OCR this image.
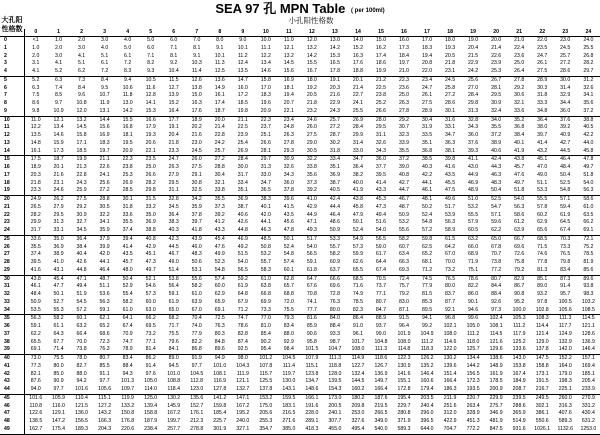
SEA 97 孔 MPN Table ( per 100ml)
小孔阳性格数
大孔阳性格数
	0	1	2	3	4	5	6	7	8	9	10	11	12	13	14	15	16	17	18	19	20	21	22	23	24
0	<1	1.0	2.0	3.0	4.0	5.0	6.0	7.0	8.0	9.0	10.0	11.0	12.0	13.0	14.0	15.0	16.0	17.0	18.0	19.0	20.0	21.0	22.0	23.0	24.0
1	1.0	2.0	3.0	4.0	5.0	6.0	7.1	8.1	9.1	10.1	11.1	12.1	13.2	14.2	15.2	16.2	17.3	18.3	19.3	20.4	21.4	22.4	23.5	24.5	25.5
2	2.0	3.0	4.1	5.1	6.1	7.1	8.1	9.1	10.1	11.2	12.2	13.2	14.2	15.3	16.3	17.4	18.4	19.4	20.5	21.5	22.6	23.6	24.7	25.7	26.8
3	3.1	4.1	5.1	6.1	7.2	8.2	9.2	10.3	11.3	12.4	13.4	14.5	15.5	16.5	17.6	18.6	19.7	20.8	21.8	22.9	23.9	25.0	26.1	27.2	28.2
4	4.1	5.2	6.2	7.2	8.3	9.3	10.4	11.4	12.5	13.5	14.6	15.6	16.7	17.8	18.8	19.9	21.0	22.0	23.1	24.2	25.3	26.4	27.5	28.6	29.7
5	5.2	6.3	7.3	8.4	9.4	10.5	11.5	12.6	13.6	14.7	15.8	16.9	18.0	19.1	20.1	21.2	22.3	23.4	24.5	25.6	26.7	27.8	28.9	30.0	31.2
6	6.3	7.4	8.4	9.5	10.6	11.6	12.7	13.8	14.9	16.0	17.0	18.1	19.2	20.3	21.4	22.5	23.6	24.7	25.8	27.0	28.1	29.2	30.3	31.4	32.6
7	7.5	8.5	9.6	10.7	11.8	12.8	13.9	15.0	16.1	17.2	18.3	19.4	20.5	21.6	22.7	23.8	25.0	26.1	27.2	28.4	29.5	30.6	31.8	32.9	34.1
8	8.6	9.7	10.8	11.9	13.0	14.1	15.2	16.3	17.4	18.5	19.6	20.7	21.8	22.9	24.1	25.2	26.3	27.5	28.6	29.8	30.9	32.1	33.3	34.4	35.6
9	9.8	10.9	12.0	13.1	14.2	15.3	16.4	17.6	18.7	19.8	20.9	22.1	23.2	24.3	25.5	26.6	27.8	28.9	30.1	31.3	32.4	33.6	34.8	36.0	37.2
10	11.0	12.1	13.2	14.4	15.5	16.6	17.7	18.9	20.0	21.1	22.3	23.4	24.6	25.7	26.9	28.0	29.2	30.4	31.6	32.8	34.0	35.2	36.4	37.6	38.8
11	12.2	13.4	14.5	15.6	16.8	17.9	19.1	20.2	21.4	22.5	23.7	24.8	26.0	27.2	28.4	29.5	30.7	31.9	33.1	34.3	35.5	36.8	38.0	39.2	40.5
12	13.5	14.6	15.8	16.9	18.1	19.3	20.4	21.6	22.8	23.9	25.1	26.3	27.5	28.7	29.9	31.1	32.3	33.5	34.7	36.0	37.2	38.4	39.7	40.9	42.2
13	14.8	15.9	17.1	18.3	19.5	20.6	21.8	23.0	24.2	25.4	26.6	27.8	29.0	30.2	31.4	32.6	33.9	35.1	36.3	37.6	38.9	40.1	41.4	42.7	44.0
14	16.1	17.3	18.5	19.7	20.9	22.1	23.3	24.5	25.7	26.9	28.1	29.3	30.5	31.8	33.0	34.3	35.5	36.8	38.1	39.3	40.6	41.9	43.2	44.5	45.8
15	17.5	18.7	19.9	21.1	22.3	23.5	24.7	26.0	27.2	28.4	29.7	30.9	32.2	33.4	34.7	36.0	37.2	38.5	39.8	41.1	42.4	43.8	45.1	46.4	47.8
16	18.9	20.1	21.3	22.6	23.8	25.0	26.3	27.5	28.8	30.0	31.3	32.6	33.8	35.1	36.4	37.7	39.0	40.3	41.6	43.0	44.3	45.7	47.0	48.4	49.7
17	20.3	21.6	22.8	24.1	25.3	26.6	27.9	29.1	30.4	31.7	33.0	34.3	35.6	36.9	38.2	39.5	40.8	42.2	43.5	44.9	46.3	47.6	49.0	50.4	51.8
18	21.8	23.1	24.3	25.6	26.9	28.2	29.5	30.8	32.1	33.4	34.7	36.0	37.3	38.7	40.0	41.4	42.7	44.1	45.5	46.9	48.3	49.7	51.1	52.5	54.0
19	23.3	24.6	25.9	27.2	28.5	29.8	31.1	32.5	33.8	35.1	36.5	37.8	39.2	40.5	41.9	43.3	44.7	46.1	47.5	48.9	50.4	51.8	53.3	54.8	56.3
20	24.9	26.2	27.5	28.8	30.1	31.5	32.8	34.2	35.5	36.9	38.3	39.6	41.0	42.4	43.8	45.3	46.7	48.1	49.6	51.0	52.5	54.0	55.5	57.1	58.6
21	26.5	27.9	29.2	30.5	31.8	33.2	34.5	35.9	37.3	38.7	40.1	41.5	42.9	44.4	45.8	47.3	48.7	50.2	51.7	53.2	54.7	56.3	57.8	59.4	61.0
22	28.2	29.5	30.9	32.2	33.6	35.0	36.4	37.8	39.2	40.6	42.0	43.5	44.9	46.4	47.9	49.4	50.9	52.4	53.9	55.5	57.1	58.6	60.2	61.9	63.5
23	29.9	31.3	32.7	34.1	35.5	36.9	38.3	39.7	41.2	42.6	44.1	45.6	47.1	48.6	50.1	51.6	53.2	54.8	56.3	57.9	59.6	61.2	62.9	64.5	66.2
24	31.7	33.1	34.5	35.9	37.4	38.8	40.3	41.8	43.3	44.8	46.3	47.8	49.3	50.9	52.4	54.0	55.6	57.2	58.9	60.5	62.2	63.9	65.6	67.4	69.1
25	33.6	35.0	36.4	37.9	39.4	40.8	42.3	43.9	45.4	46.9	48.5	50.1	51.7	53.3	54.9	56.5	58.2	59.8	61.5	63.2	65.0	66.7	68.5	70.3	72.1
26	35.5	36.9	38.4	39.9	41.4	42.9	44.5	46.0	47.6	49.2	50.8	52.4	54.0	55.7	57.3	59.0	60.7	62.5	64.2	66.0	67.8	69.6	71.5	73.3	75.2
27	37.4	38.9	40.4	42.0	43.5	45.1	46.7	48.3	49.9	51.5	53.2	54.8	56.5	58.2	59.9	61.7	63.4	65.2	67.0	68.9	70.7	72.6	74.6	76.5	78.5
28	39.5	41.0	42.6	44.1	45.7	47.3	49.0	50.6	52.3	54.0	55.7	57.4	59.1	60.9	62.6	64.4	66.3	68.1	70.0	71.9	73.8	75.8	77.8	79.8	81.9
29	41.6	43.1	44.8	46.4	48.0	49.7	51.4	53.1	54.8	56.5	58.3	60.1	61.8	63.7	65.5	67.4	69.3	71.2	73.2	75.1	77.2	79.2	81.3	83.4	85.6
30	43.8	45.4	47.1	48.7	50.4	52.1	53.8	55.6	57.4	59.2	61.0	62.8	64.7	66.6	68.5	70.5	72.4	74.5	76.5	78.6	80.7	82.9	85.1	87.3	89.6
31	46.1	47.7	49.4	51.1	52.9	54.6	56.4	58.2	60.0	61.9	63.8	65.7	67.6	69.6	71.6	73.7	75.7	77.9	80.0	82.2	84.4	86.7	89.0	91.4	93.8
32	48.4	50.1	51.9	53.6	55.4	57.3	59.1	61.0	62.9	64.8	66.8	68.8	70.8	72.8	74.9	77.1	79.2	81.5	83.7	86.0	88.4	90.8	93.2	95.7	98.3
33	50.9	52.7	54.5	56.3	58.2	60.0	61.9	63.9	65.9	67.9	69.9	72.0	74.1	76.3	78.5	80.7	83.0	85.3	87.7	90.1	92.6	95.2	97.8	100.5	103.2
34	53.5	55.3	57.2	59.1	61.0	63.0	65.0	67.0	69.1	71.2	73.3	75.5	77.7	80.0	82.3	84.7	87.1	89.5	92.1	94.6	97.3	100.0	102.8	105.6	108.5
35	56.3	58.2	60.1	62.1	64.1	66.2	68.2	70.4	72.5	74.7	77.0	79.3	81.6	84.0	86.4	88.9	91.5	94.1	96.8	99.6	102.4	105.3	108.3	111.3	114.5
36	59.1	61.1	63.2	65.2	67.4	69.5	71.7	74.0	76.3	78.6	81.0	83.4	85.9	88.4	91.0	93.7	96.4	99.2	102.1	105.0	108.1	111.2	114.4	117.7	121.1
37	62.2	64.3	66.4	68.6	70.9	73.2	75.5	77.9	80.3	82.8	85.4	88.0	90.6	93.3	96.1	99.0	101.9	104.9	108.0	111.2	114.5	117.9	121.4	124.9	128.6
38	65.5	67.7	70.0	72.3	74.7	77.1	79.6	82.2	84.8	87.4	90.2	92.9	95.8	98.7	101.7	104.8	108.0	111.2	114.6	118.0	121.6	125.2	129.0	132.9	136.9
39	69.1	71.4	73.8	76.3	78.9	81.4	84.1	86.8	89.6	92.5	95.4	98.4	101.5	104.7	108.0	111.3	114.8	118.3	122.0	125.7	129.6	133.6	137.8	142.0	146.4
40	73.0	75.5	78.0	80.7	83.4	86.2	89.0	91.9	94.9	98.0	101.2	104.5	107.9	111.3	114.9	118.6	122.3	126.2	130.2	134.4	138.6	143.0	147.5	152.2	157.1
41	77.3	80.0	82.7	85.5	88.4	91.4	94.5	97.7	101.0	104.3	107.8	111.4	115.1	118.8	122.7	126.7	130.9	135.2	139.6	144.2	148.9	153.8	158.8	164.0	169.4
42	82.1	85.0	88.0	91.1	94.3	97.6	101.0	104.5	108.1	111.9	115.7	119.7	123.8	128.0	132.4	136.9	141.6	146.4	151.4	156.5	161.9	167.4	173.1	179.0	185.1
43	87.6	90.9	94.2	97.7	101.3	105.0	108.8	112.8	116.9	121.1	125.5	130.0	134.7	139.5	144.5	149.7	155.1	160.6	166.4	172.3	178.5	184.9	191.5	198.3	205.4
44	94.0	97.7	101.6	105.6	109.7	114.0	118.4	123.0	127.8	132.7	137.8	143.1	148.6	154.3	160.2	166.4	172.8	179.4	186.3	193.5	200.9	208.7	216.7	225.1	233.9
45	101.6	105.9	110.4	115.1	119.9	125.0	130.2	135.6	141.2	147.1	153.2	159.5	166.1	173.0	180.2	187.6	195.4	203.5	211.9	220.7	229.9	239.5	249.5	260.0	270.9
46	110.8	116.0	121.5	127.2	133.2	139.4	145.9	152.7	159.8	167.2	175.0	183.1	191.6	200.5	209.8	219.5	229.7	240.4	251.6	263.4	275.7	288.6	302.1	316.3	331.2
47	122.6	129.1	136.0	143.2	150.8	158.8	167.2	176.1	185.4	195.2	205.6	216.5	228.0	240.1	253.0	266.5	280.8	296.0	312.0	328.9	346.9	365.9	386.1	407.6	430.4
48	138.5	147.2	156.5	166.3	176.8	187.9	199.7	212.3	225.7	240.0	255.3	271.6	289.1	307.7	327.6	349.0	371.9	396.5	422.9	451.3	481.9	514.9	550.6	589.3	631.2
49	162.7	175.4	189.3	204.3	220.6	238.4	257.7	278.8	301.9	327.1	354.7	385.0	418.3	455.0	495.4	540.0	589.3	644.0	704.7	772.2	847.5	931.6	1026.1	1132.6	1253.0
